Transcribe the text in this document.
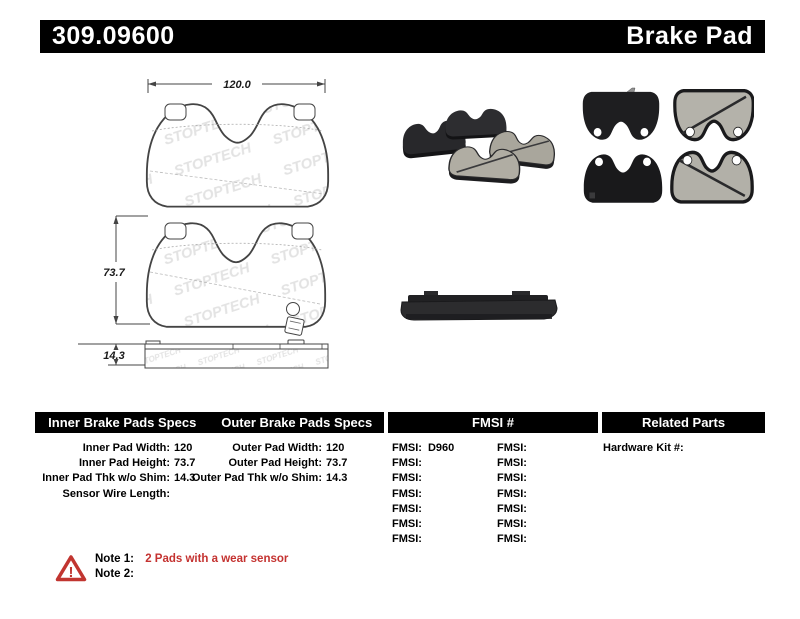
309.09600	Brake Pad
120.0
73.7
14.3
Inner Brake Pads Specs	Outer Brake Pads Specs	FMSI #	Related Parts
Inner Pad Width: 120
Inner Pad Height: 73.7
Inner Pad Thk w/o Shim: 14.3
Sensor Wire Length:
Outer Pad Width: 120
Outer Pad Height: 73.7
Outer Pad Thk w/o Shim: 14.3
FMSI: D960
FMSI:
FMSI:
FMSI:
FMSI:
FMSI:
FMSI:
FMSI:
FMSI:
FMSI:
FMSI:
FMSI:
FMSI:
FMSI:
Hardware Kit #:
!
Note 1: 2 Pads with a wear sensor
Note 2:
